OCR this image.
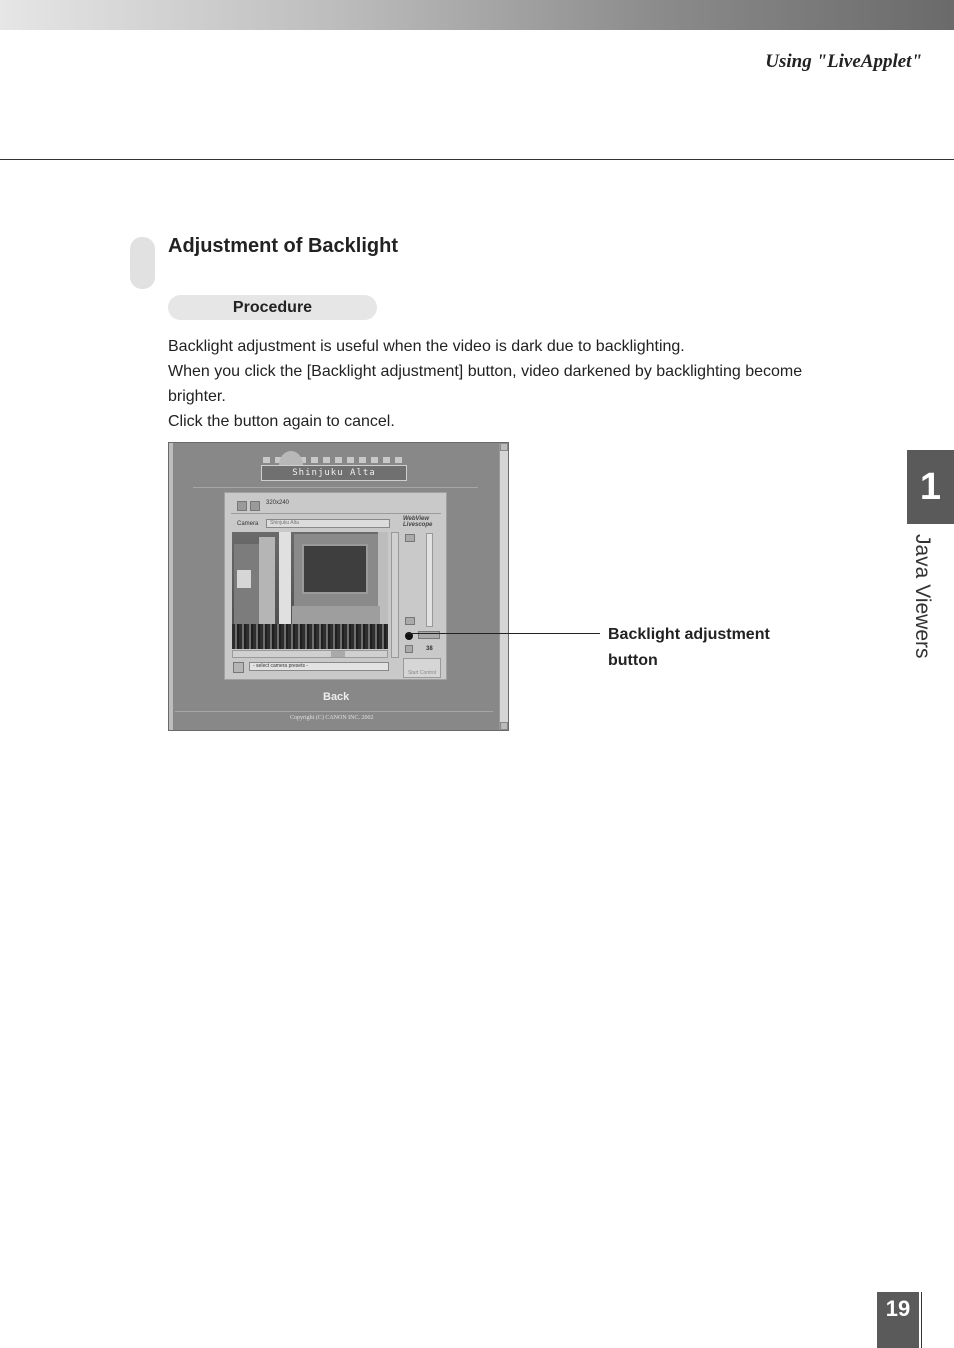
Using "LiveApplet"
Adjustment of Backlight
Procedure

Backlight adjustment is useful when the video is dark due to backlighting.

When you click the [Backlight adjustment] button, video darkened by backlighting become brighter.

Click the button again to cancel.

Shinjuku Alta
320x240
Camera	Shinjuku Alta
WebView
Livescope
- select camera presets -
38
Start Control
Back
Copyright (C) CANON INC. 2002
Backlight adjustment
button
1
Java Viewers
19
